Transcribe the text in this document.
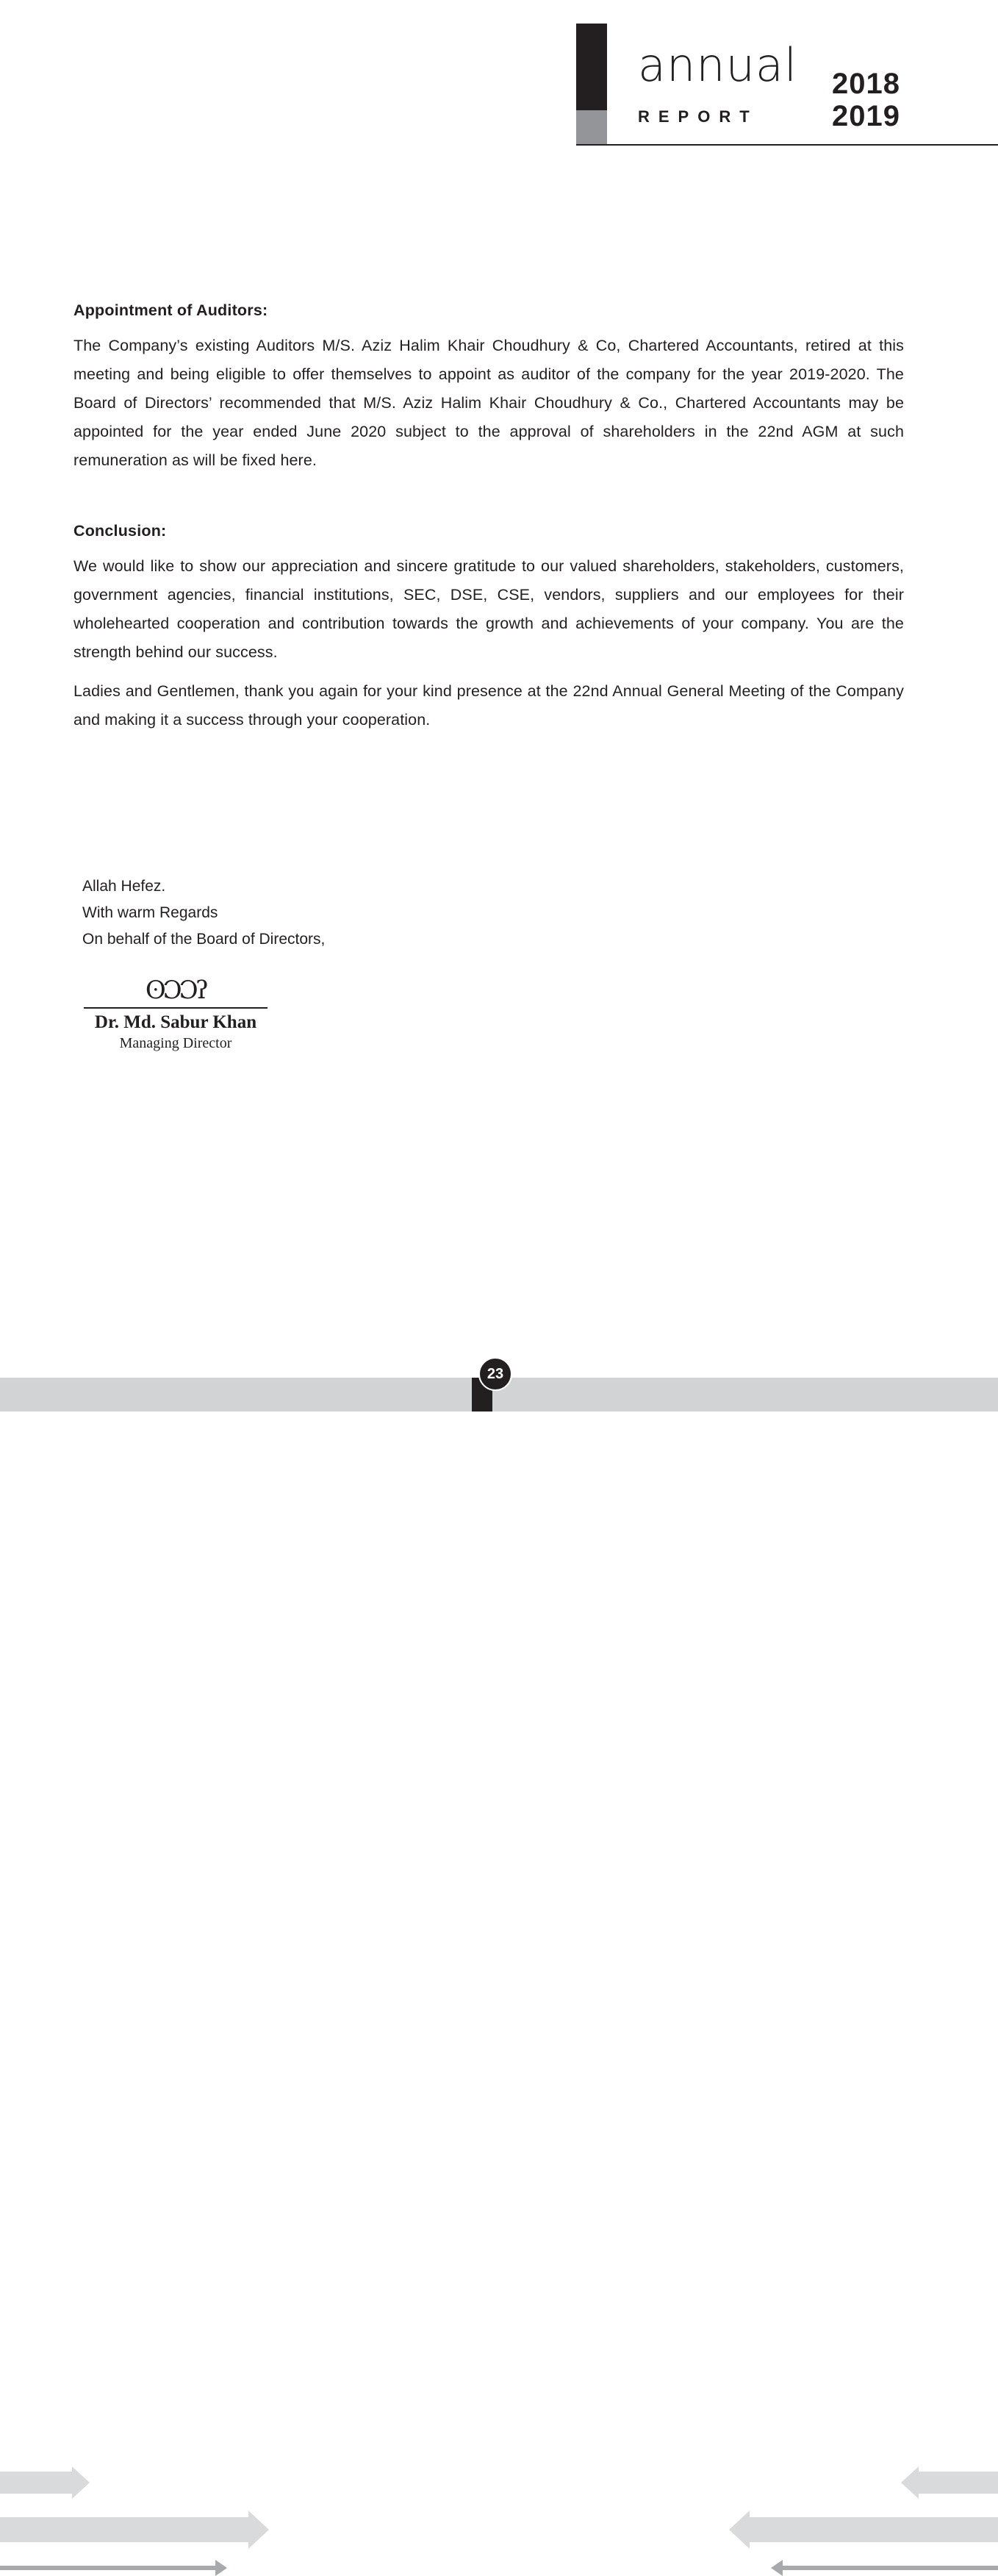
annual
REPORT
2018
2019
Appointment of Auditors:

The Company’s existing Auditors M/S. Aziz Halim Khair Choudhury & Co, Chartered Accountants, retired at this meeting and being eligible to offer themselves to appoint as auditor of the company for the year 2019-2020. The Board of Directors’ recommended that M/S. Aziz Halim Khair Choudhury & Co., Chartered Accountants may be appointed for the year ended June 2020 subject to the approval of shareholders in the 22nd AGM at such remuneration as will be fixed here.

Conclusion:

We would like to show our appreciation and sincere gratitude to our valued shareholders, stakeholders, customers, government agencies, financial institutions, SEC, DSE, CSE, vendors, suppliers and our employees for their wholehearted cooperation and contribution towards the growth and achievements of your company. You are the strength behind our success.

Ladies and Gentlemen, thank you again for your kind presence at the 22nd Annual General Meeting of the Company and making it a success through your cooperation.

Allah Hefez.
With warm Regards
On behalf of the Board of Directors,
ʘƆƆʔ
Dr. Md. Sabur Khan
Managing Director
23
